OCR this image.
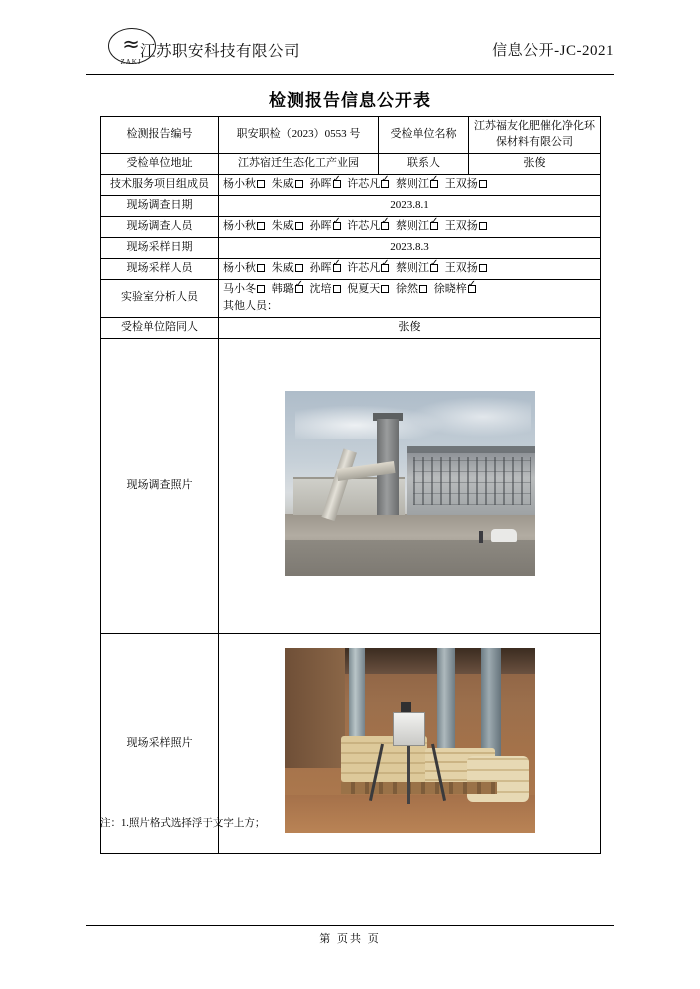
≈
ZAKJ
江苏职安科技有限公司	信息公开-JC-2021
检测报告信息公开表
检测报告编号	职安职检（2023）0553 号	受检单位名称	江苏福友化肥催化净化环保材料有限公司
受检单位地址	江苏宿迁生态化工产业园	联系人	张俊
技术服务项目组成员	杨小秋 朱威 孙晖 ✓ 许芯凡 ✓ 蔡则江 ✓ 王双扬
现场调查日期	2023.8.1		
现场调查人员	杨小秋 朱威 孙晖 ✓ 许芯凡 ✓ 蔡则江 ✓ 王双扬
现场采样日期	2023.8.3		
现场采样人员	杨小秋 朱威 孙晖 ✓ 许芯凡 ✓ 蔡则江 ✓ 王双扬
实验室分析人员	马小冬 韩璐 ✓ 沈培 倪夏天 徐然 徐晓梓✓
其他人员：

受检单位陪同人	张俊		
现场调查照片			

现场采样照片			
注：1.照片格式选择浮于文字上方；
第 页共 页
